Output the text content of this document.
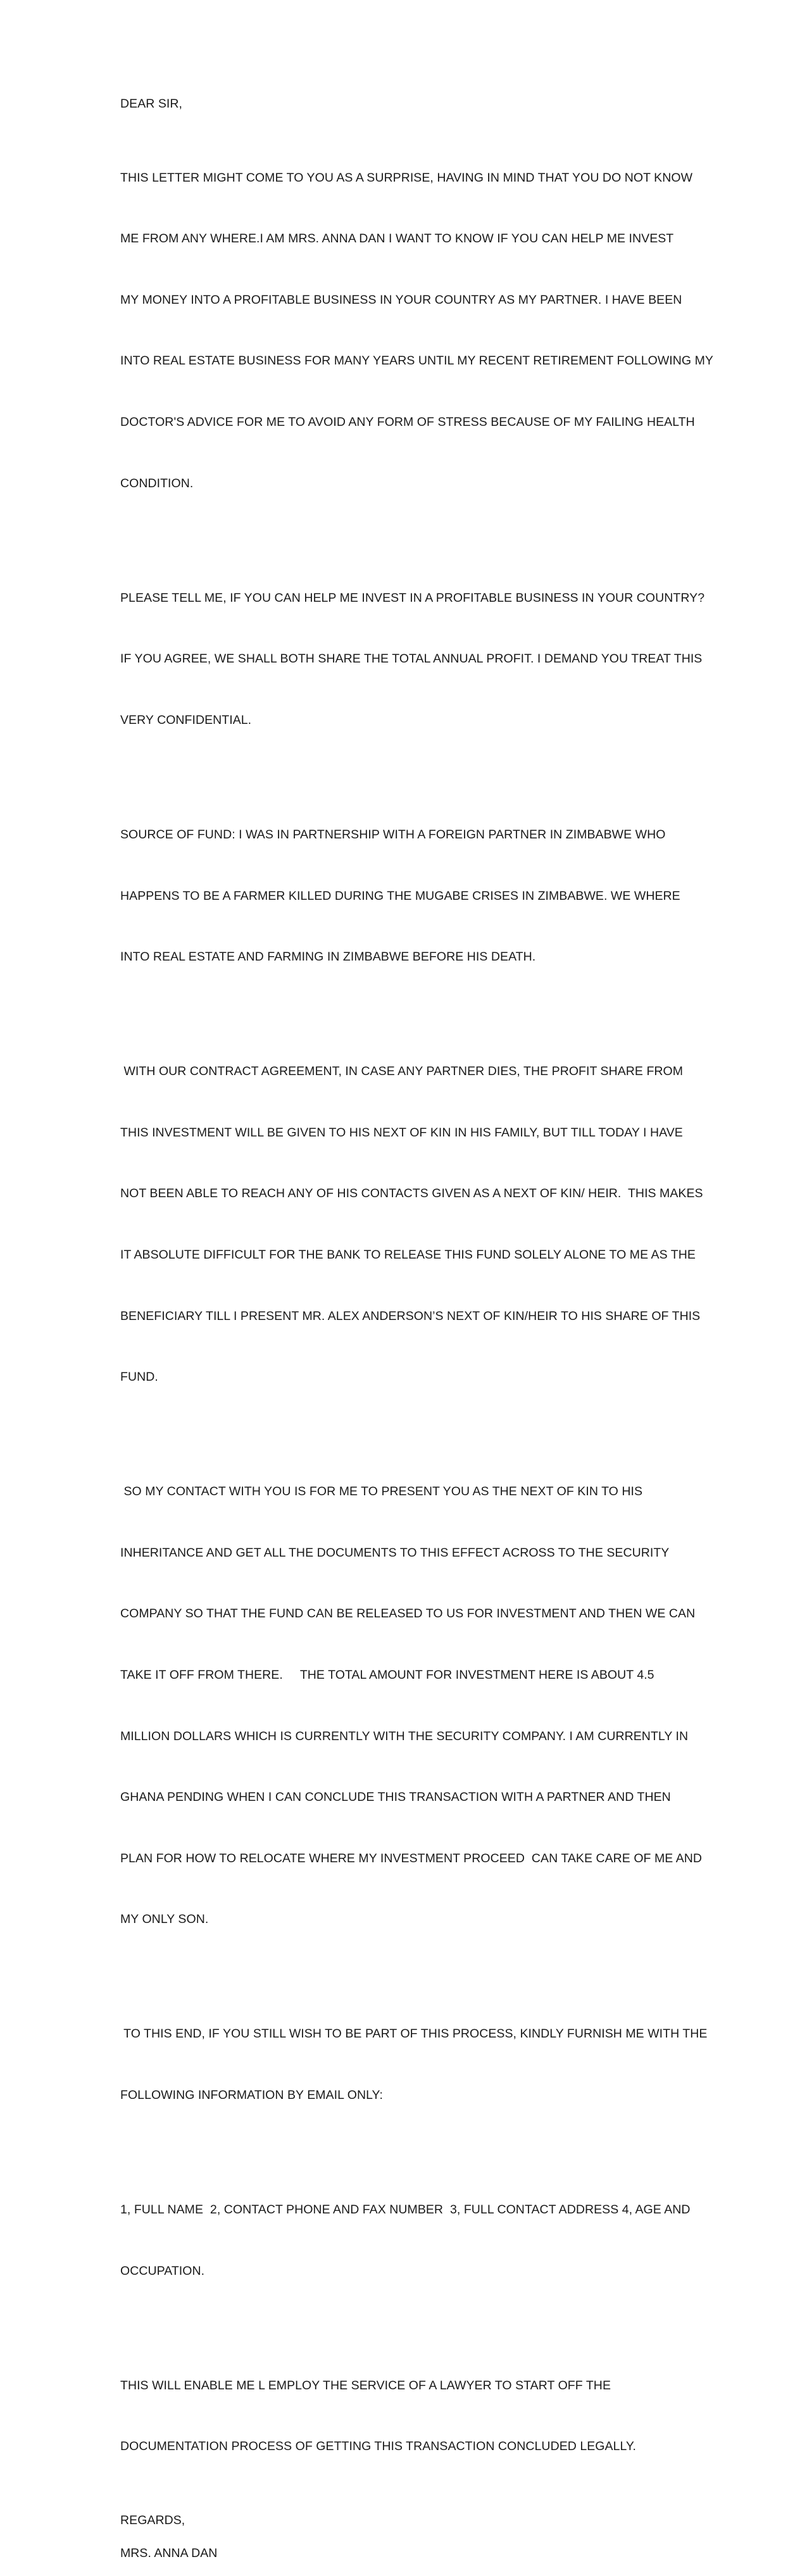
DEAR SIR,

THIS LETTER MIGHT COME TO YOU AS A SURPRISE, HAVING IN MIND THAT YOU DO NOT KNOW

ME FROM ANY WHERE.I AM MRS. ANNA DAN I WANT TO KNOW IF YOU CAN HELP ME INVEST

MY MONEY INTO A PROFITABLE BUSINESS IN YOUR COUNTRY AS MY PARTNER. I HAVE BEEN

INTO REAL ESTATE BUSINESS FOR MANY YEARS UNTIL MY RECENT RETIREMENT FOLLOWING MY

DOCTOR'S ADVICE FOR ME TO AVOID ANY FORM OF STRESS BECAUSE OF MY FAILING HEALTH

CONDITION.

PLEASE TELL ME, IF YOU CAN HELP ME INVEST IN A PROFITABLE BUSINESS IN YOUR COUNTRY?

IF YOU AGREE, WE SHALL BOTH SHARE THE TOTAL ANNUAL PROFIT. I DEMAND YOU TREAT THIS

VERY CONFIDENTIAL.

SOURCE OF FUND: I WAS IN PARTNERSHIP WITH A FOREIGN PARTNER IN ZIMBABWE WHO

HAPPENS TO BE A FARMER KILLED DURING THE MUGABE CRISES IN ZIMBABWE. WE WHERE

INTO REAL ESTATE AND FARMING IN ZIMBABWE BEFORE HIS DEATH.

WITH OUR CONTRACT AGREEMENT, IN CASE ANY PARTNER DIES, THE PROFIT SHARE FROM

THIS INVESTMENT WILL BE GIVEN TO HIS NEXT OF KIN IN HIS FAMILY, BUT TILL TODAY I HAVE

NOT BEEN ABLE TO REACH ANY OF HIS CONTACTS GIVEN AS A NEXT OF KIN/ HEIR.  THIS MAKES

IT ABSOLUTE DIFFICULT FOR THE BANK TO RELEASE THIS FUND SOLELY ALONE TO ME AS THE

BENEFICIARY TILL I PRESENT MR. ALEX ANDERSON’S NEXT OF KIN/HEIR TO HIS SHARE OF THIS

FUND.

SO MY CONTACT WITH YOU IS FOR ME TO PRESENT YOU AS THE NEXT OF KIN TO HIS

INHERITANCE AND GET ALL THE DOCUMENTS TO THIS EFFECT ACROSS TO THE SECURITY

COMPANY SO THAT THE FUND CAN BE RELEASED TO US FOR INVESTMENT AND THEN WE CAN

TAKE IT OFF FROM THERE.     THE TOTAL AMOUNT FOR INVESTMENT HERE IS ABOUT 4.5

MILLION DOLLARS WHICH IS CURRENTLY WITH THE SECURITY COMPANY. I AM CURRENTLY IN

GHANA PENDING WHEN I CAN CONCLUDE THIS TRANSACTION WITH A PARTNER AND THEN

PLAN FOR HOW TO RELOCATE WHERE MY INVESTMENT PROCEED  CAN TAKE CARE OF ME AND

MY ONLY SON.

TO THIS END, IF YOU STILL WISH TO BE PART OF THIS PROCESS, KINDLY FURNISH ME WITH THE

FOLLOWING INFORMATION BY EMAIL ONLY:

1, FULL NAME  2, CONTACT PHONE AND FAX NUMBER  3, FULL CONTACT ADDRESS 4, AGE AND

OCCUPATION.

THIS WILL ENABLE ME L EMPLOY THE SERVICE OF A LAWYER TO START OFF THE

DOCUMENTATION PROCESS OF GETTING THIS TRANSACTION CONCLUDED LEGALLY.

REGARDS,

MRS. ANNA DAN
